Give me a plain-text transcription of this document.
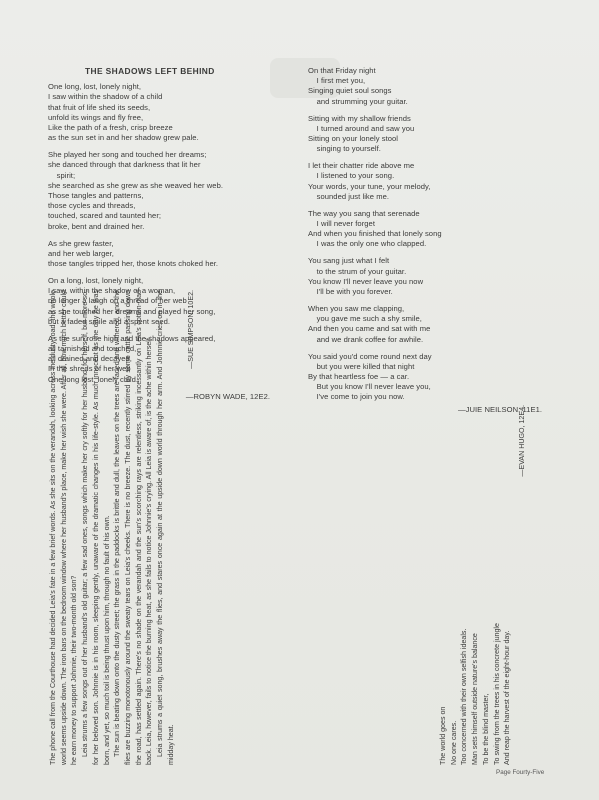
THE SHADOWS LEFT BEHIND
One long, lost, lonely night,
I saw within the shadow of a child
that fruit of life shed its seeds,
unfold its wings and fly free,
Like the path of a fresh, crisp breeze
as the sun set in and her shadow grew pale.
She played her song and touched her dreams;
she danced through that darkness that lit her
spirit;
she searched as she grew as she weaved her web.
Those tangles and patterns,
those cycles and threads,
touched, scared and taunted her;
broke, bent and drained her.
As she grew faster,
and her web larger,
those tangles tripped her, those knots choked her.
On a long, lost, lonely night,
I saw, within the shadow of a woman,
no longer a laugh on a thread of her web
as she touched her dreams and played her song,
but a faded smile and a spent seed.
As the sun rose high and the shadows appeared,
all tarnished and touched,
all drained and decayed,
In the shreds of her web
One long lost, lonely child.
—ROBYN WADE, 12E2.
On that Friday night
I first met you,
Singing quiet soul songs
and strumming your guitar.
Sitting with my shallow friends
I turned around and saw you
Sitting on your lonely stool
singing to yourself.
I let their chatter ride above me
I listened to your song.
Your words, your tune, your melody,
sounded just like me.
The way you sang that serenade
I will never forget
And when you finished that lonely song
I was the only one who clapped.
You sang just what I felt
to the strum of your guitar.
You know I'll never leave you now
I'll be with you forever.
When you saw me clapping,
you gave me such a shy smile,
And then you came and sat with me
and we drank coffee for awhile.
You said you'd come round next day
but you were killed that night
By that heartless foe — a car.
But you know I'll never leave you,
I've come to join you now.
—JUIE NEILSON, 11E1.

The phone call from the Courthouse had decided Leia's fate in a few brief words. As she sits on the verandah, looking across the dusty road, the whole world seems upside down. The iron bars on the bedroom window where her husband's place, make her wish she were. After all, how much better could he earn money to support Johnnie, their two-month old son? Leia strums a few songs out of her husband's old guitar; a few sad ones, songs which make her cry softly for her husband, for herself, but more so, for her beloved son. Johnnie is in his room, sleeping gently, unaware of the dramatic changes in his life-style. As much innocent as the day he was born, and yet, so much toil is being thrust upon him, through no fault of his own. The sun is beating down onto the dusty street; the grass in the paddocks is brittle and dull, the leaves on the trees are faded and withered, and the flies are buzzing monotonously around the sweaty tears on Leia's cheeks. There is no breeze. The dust, recently stirred by some cattle passing down the road, has settled again. There's no shade on the verandah and the sun's scorching rays are relentless, striking incessantly on Leia's cotton-clad back. Leia, however, fails to notice the burning heat, as she fails to notice Johnnie's crying. All Leia is aware of, is the ache within herself. Leia strums a quiet song, brushes away the flies, and stares once again at the upside down world through her arm. And Johnnie cries on in the midday heat.

—SUE SIMPSON, 10E2.
The world goes on No one cares. Too concerned with their own selfish ideals. Man sets himself outside nature's balance To be the blind master, To swing from the trees in his concrete jungle And reap the harvest of the eight-hour day.
—EVAN HUGO, 12E4.
Page Fourty-Five
